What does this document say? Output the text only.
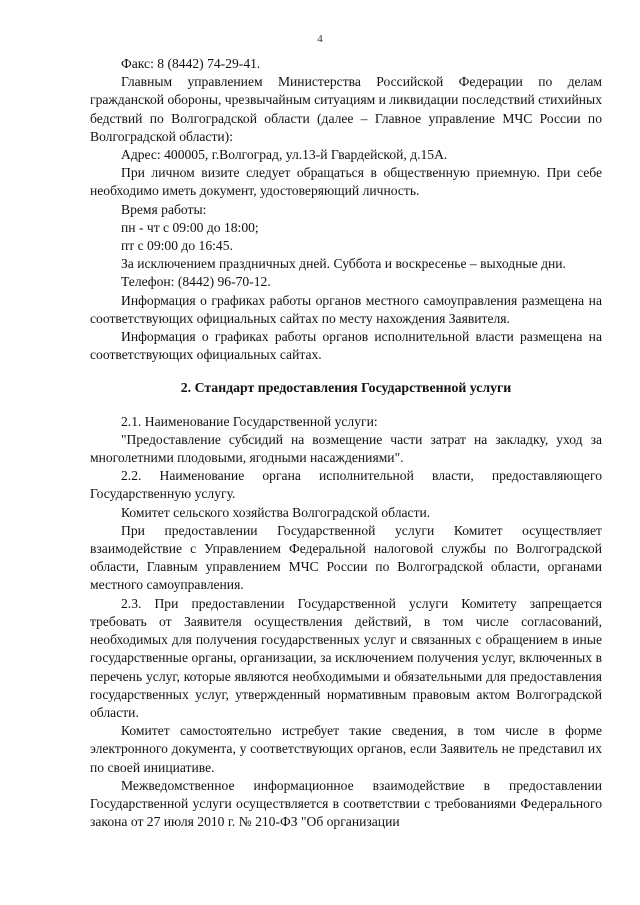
4

Факс: 8 (8442) 74-29-41.

Главным управлением Министерства Российской Федерации по делам гражданской обороны, чрезвычайным ситуациям и ликвидации последствий стихийных бедствий по Волгоградской области (далее – Главное управление МЧС России по Волгоградской области):

Адрес: 400005, г.Волгоград, ул.13-й Гвардейской, д.15А.

При личном визите следует обращаться в общественную приемную. При себе необходимо иметь документ, удостоверяющий личность.

Время работы:

пн - чт с 09:00 до 18:00;

пт с 09:00 до 16:45.

За исключением праздничных дней. Суббота и воскресенье – выходные дни.

Телефон: (8442) 96-70-12.

Информация о графиках работы органов местного самоуправления размещена на соответствующих официальных сайтах по месту нахождения Заявителя.

Информация о графиках работы органов исполнительной власти размещена на соответствующих официальных сайтах.

2. Стандарт предоставления Государственной услуги

2.1. Наименование Государственной услуги:

"Предоставление субсидий на возмещение части затрат на закладку, уход за многолетними плодовыми, ягодными насаждениями".

2.2. Наименование органа исполнительной власти, предоставляющего Государственную услугу.

Комитет сельского хозяйства Волгоградской области.

При предоставлении Государственной услуги Комитет осуществляет взаимодействие с Управлением Федеральной налоговой службы по Волгоградской области, Главным управлением МЧС России по Волгоградской области, органами местного самоуправления.

2.3. При предоставлении Государственной услуги Комитету запрещается требовать от Заявителя осуществления действий, в том числе согласований, необходимых для получения государственных услуг и связанных с обращением в иные государственные органы, организации, за исключением получения услуг, включенных в перечень услуг, которые являются необходимыми и обязательными для предоставления государственных услуг, утвержденный нормативным правовым актом Волгоградской области.

Комитет самостоятельно истребует такие сведения, в том числе в форме электронного документа, у соответствующих органов, если Заявитель не представил их по своей инициативе.

Межведомственное информационное взаимодействие в предоставлении Государственной услуги осуществляется в соответствии с требованиями Федерального закона от 27 июля 2010 г. № 210-ФЗ "Об организации
